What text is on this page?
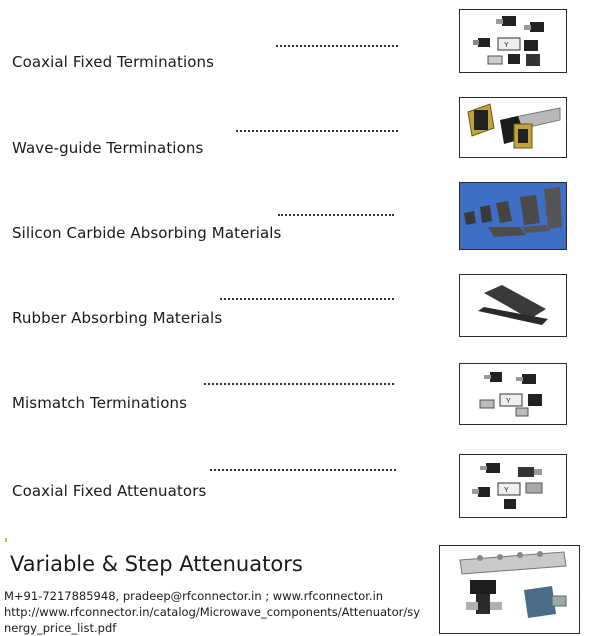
Coaxial Fixed Terminations
Y
Wave-guide Terminations
Silicon Carbide Absorbing Materials
Rubber Absorbing Materials
Mismatch Terminations	Y
Coaxial Fixed Attenuators	Y
Variable & Step Attenuators
M+91-7217885948, pradeep@rfconnector.in ; www.rfconnector.in
http://www.rfconnector.in/catalog/Microwave_components/Attenuator/sy
nergy_price_list.pdf
